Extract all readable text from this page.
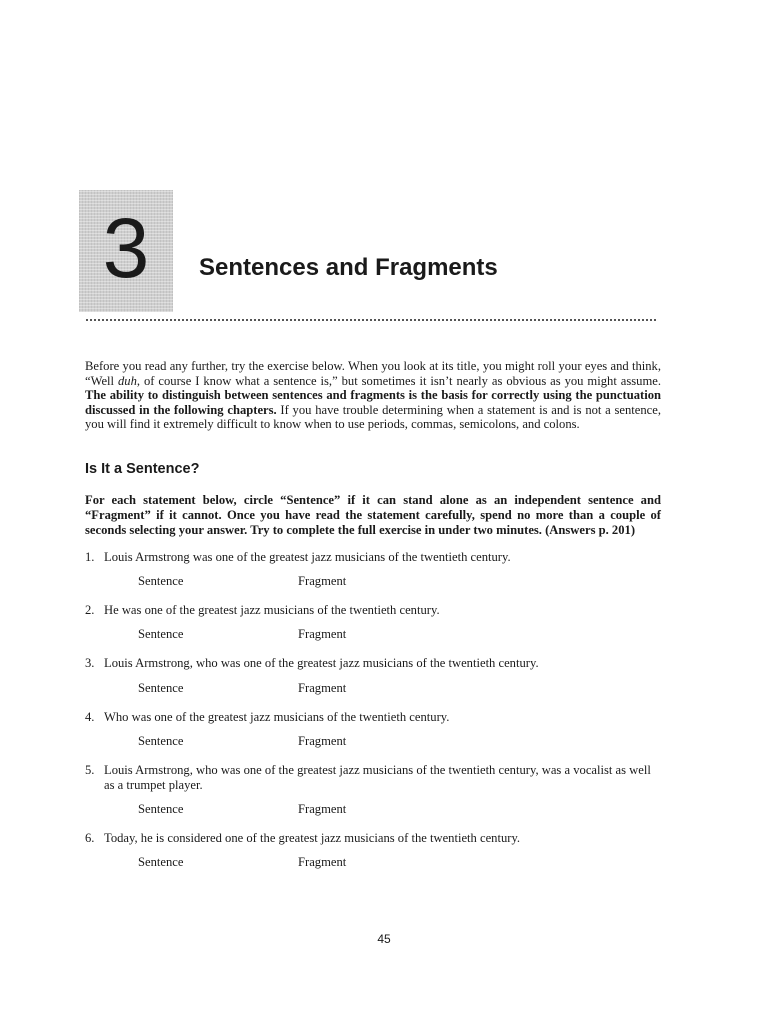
3	Sentences and Fragments

Before you read any further, try the exercise below. When you look at its title, you might roll your eyes and think, “Well duh, of course I know what a sentence is,” but sometimes it isn’t nearly as obvious as you might assume. The ability to distinguish between sentences and fragments is the basis for correctly using the punctuation discussed in the following chapters. If you have trouble determining when a statement is and is not a sentence, you will find it extremely difficult to know when to use periods, commas, semicolons, and colons.

Is It a Sentence?

For each statement below, circle “Sentence” if it can stand alone as an independent sentence and “Fragment” if it cannot. Once you have read the statement carefully, spend no more than a couple of seconds selecting your answer. Try to complete the full exercise in under two minutes. (Answers p. 201)

1. Louis Armstrong was one of the greatest jazz musicians of the twentieth century.
Sentence	Fragment
2. He was one of the greatest jazz musicians of the twentieth century.
Sentence	Fragment
3. Louis Armstrong, who was one of the greatest jazz musicians of the twentieth century.
Sentence	Fragment
4. Who was one of the greatest jazz musicians of the twentieth century.
Sentence	Fragment
5. Louis Armstrong, who was one of the greatest jazz musicians of the twentieth century, was a vocalist as well as a trumpet player.
Sentence	Fragment
6. Today, he is considered one of the greatest jazz musicians of the twentieth century.
Sentence	Fragment
45
